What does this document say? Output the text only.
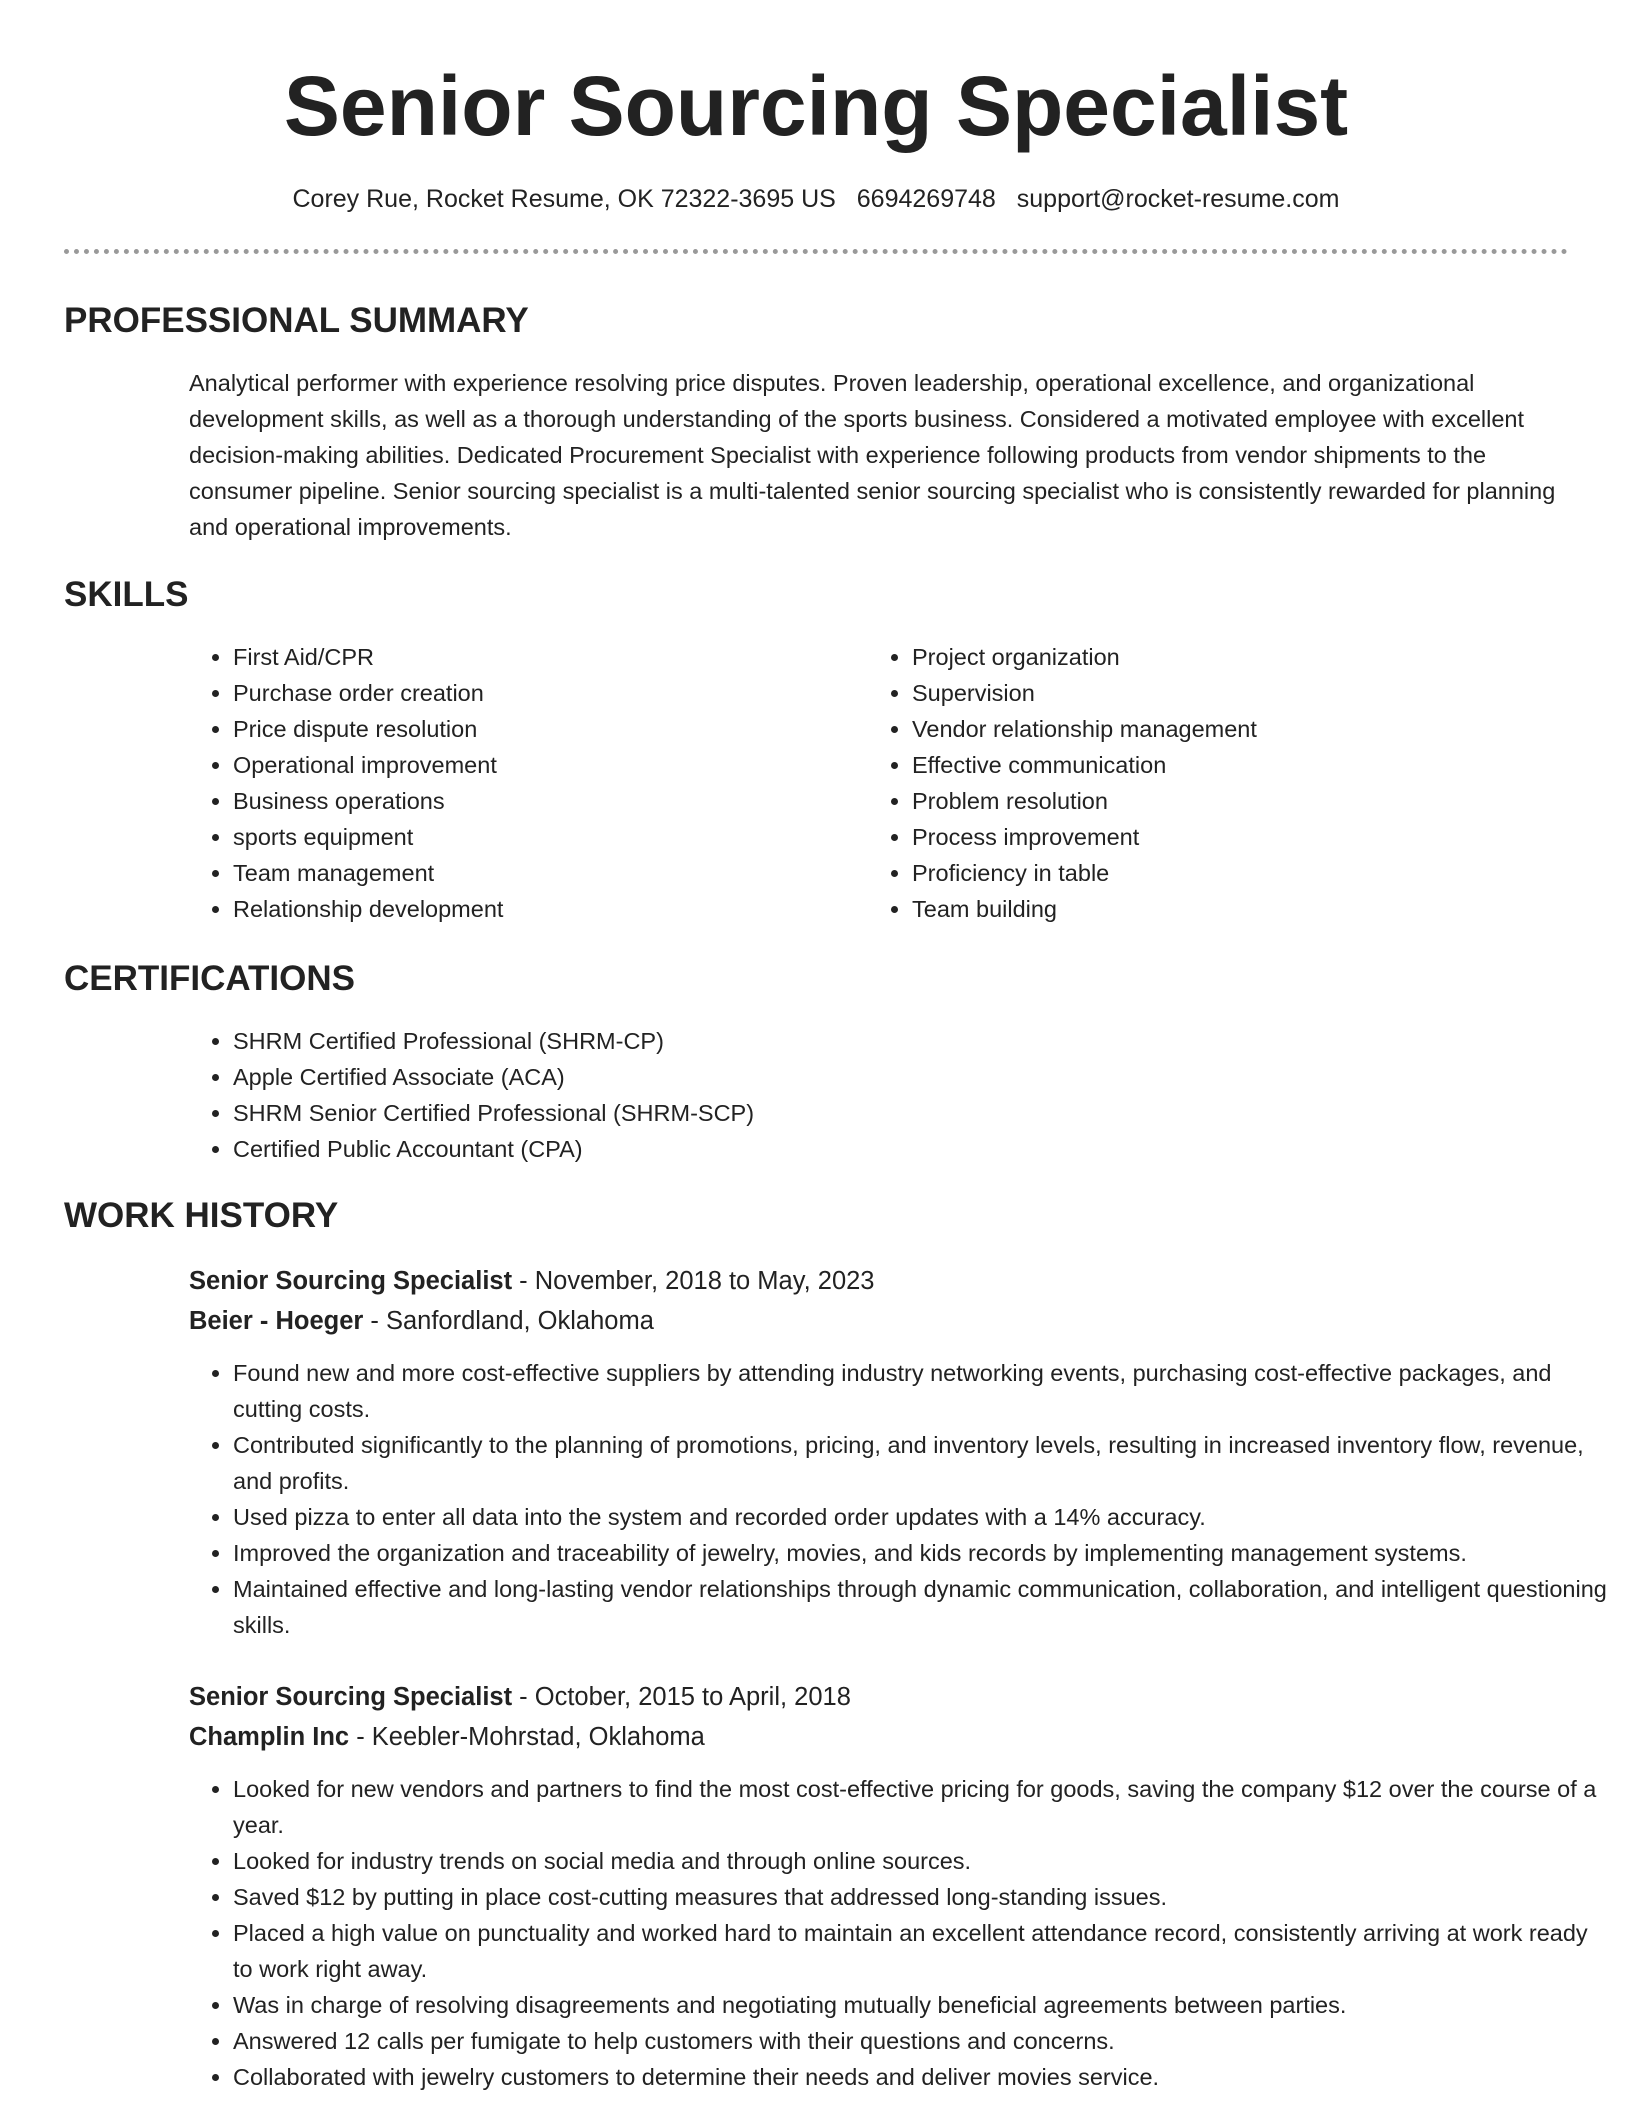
Senior Sourcing Specialist
Corey Rue, Rocket Resume, OK 72322-3695 US 6694269748 support@rocket-resume.com
PROFESSIONAL SUMMARY

Analytical performer with experience resolving price disputes. Proven leadership, operational excellence, and organizational development skills, as well as a thorough understanding of the sports business. Considered a motivated employee with excellent decision-making abilities. Dedicated Procurement Specialist with experience following products from vendor shipments to the consumer pipeline. Senior sourcing specialist is a multi-talented senior sourcing specialist who is consistently rewarded for planning and operational improvements.

SKILLS
• First Aid/CPR
• Purchase order creation
• Price dispute resolution
• Operational improvement
• Business operations
• sports equipment
• Team management
• Relationship development
• Project organization
• Supervision
• Vendor relationship management
• Effective communication
• Problem resolution
• Process improvement
• Proficiency in table
• Team building
CERTIFICATIONS
• SHRM Certified Professional (SHRM-CP)
• Apple Certified Associate (ACA)
• SHRM Senior Certified Professional (SHRM-SCP)
• Certified Public Accountant (CPA)
WORK HISTORY
Senior Sourcing Specialist - November, 2018 to May, 2023
Beier - Hoeger - Sanfordland, Oklahoma
• Found new and more cost-effective suppliers by attending industry networking events, purchasing cost-effective packages, and cutting costs.
• Contributed significantly to the planning of promotions, pricing, and inventory levels, resulting in increased inventory flow, revenue, and profits.
• Used pizza to enter all data into the system and recorded order updates with a 14% accuracy.
• Improved the organization and traceability of jewelry, movies, and kids records by implementing management systems.
• Maintained effective and long-lasting vendor relationships through dynamic communication, collaboration, and intelligent questioning skills.
Senior Sourcing Specialist - October, 2015 to April, 2018
Champlin Inc - Keebler-Mohrstad, Oklahoma
• Looked for new vendors and partners to find the most cost-effective pricing for goods, saving the company $12 over the course of a year.
• Looked for industry trends on social media and through online sources.
• Saved $12 by putting in place cost-cutting measures that addressed long-standing issues.
• Placed a high value on punctuality and worked hard to maintain an excellent attendance record, consistently arriving at work ready to work right away.
• Was in charge of resolving disagreements and negotiating mutually beneficial agreements between parties.
• Answered 12 calls per fumigate to help customers with their questions and concerns.
• Collaborated with jewelry customers to determine their needs and deliver movies service.
